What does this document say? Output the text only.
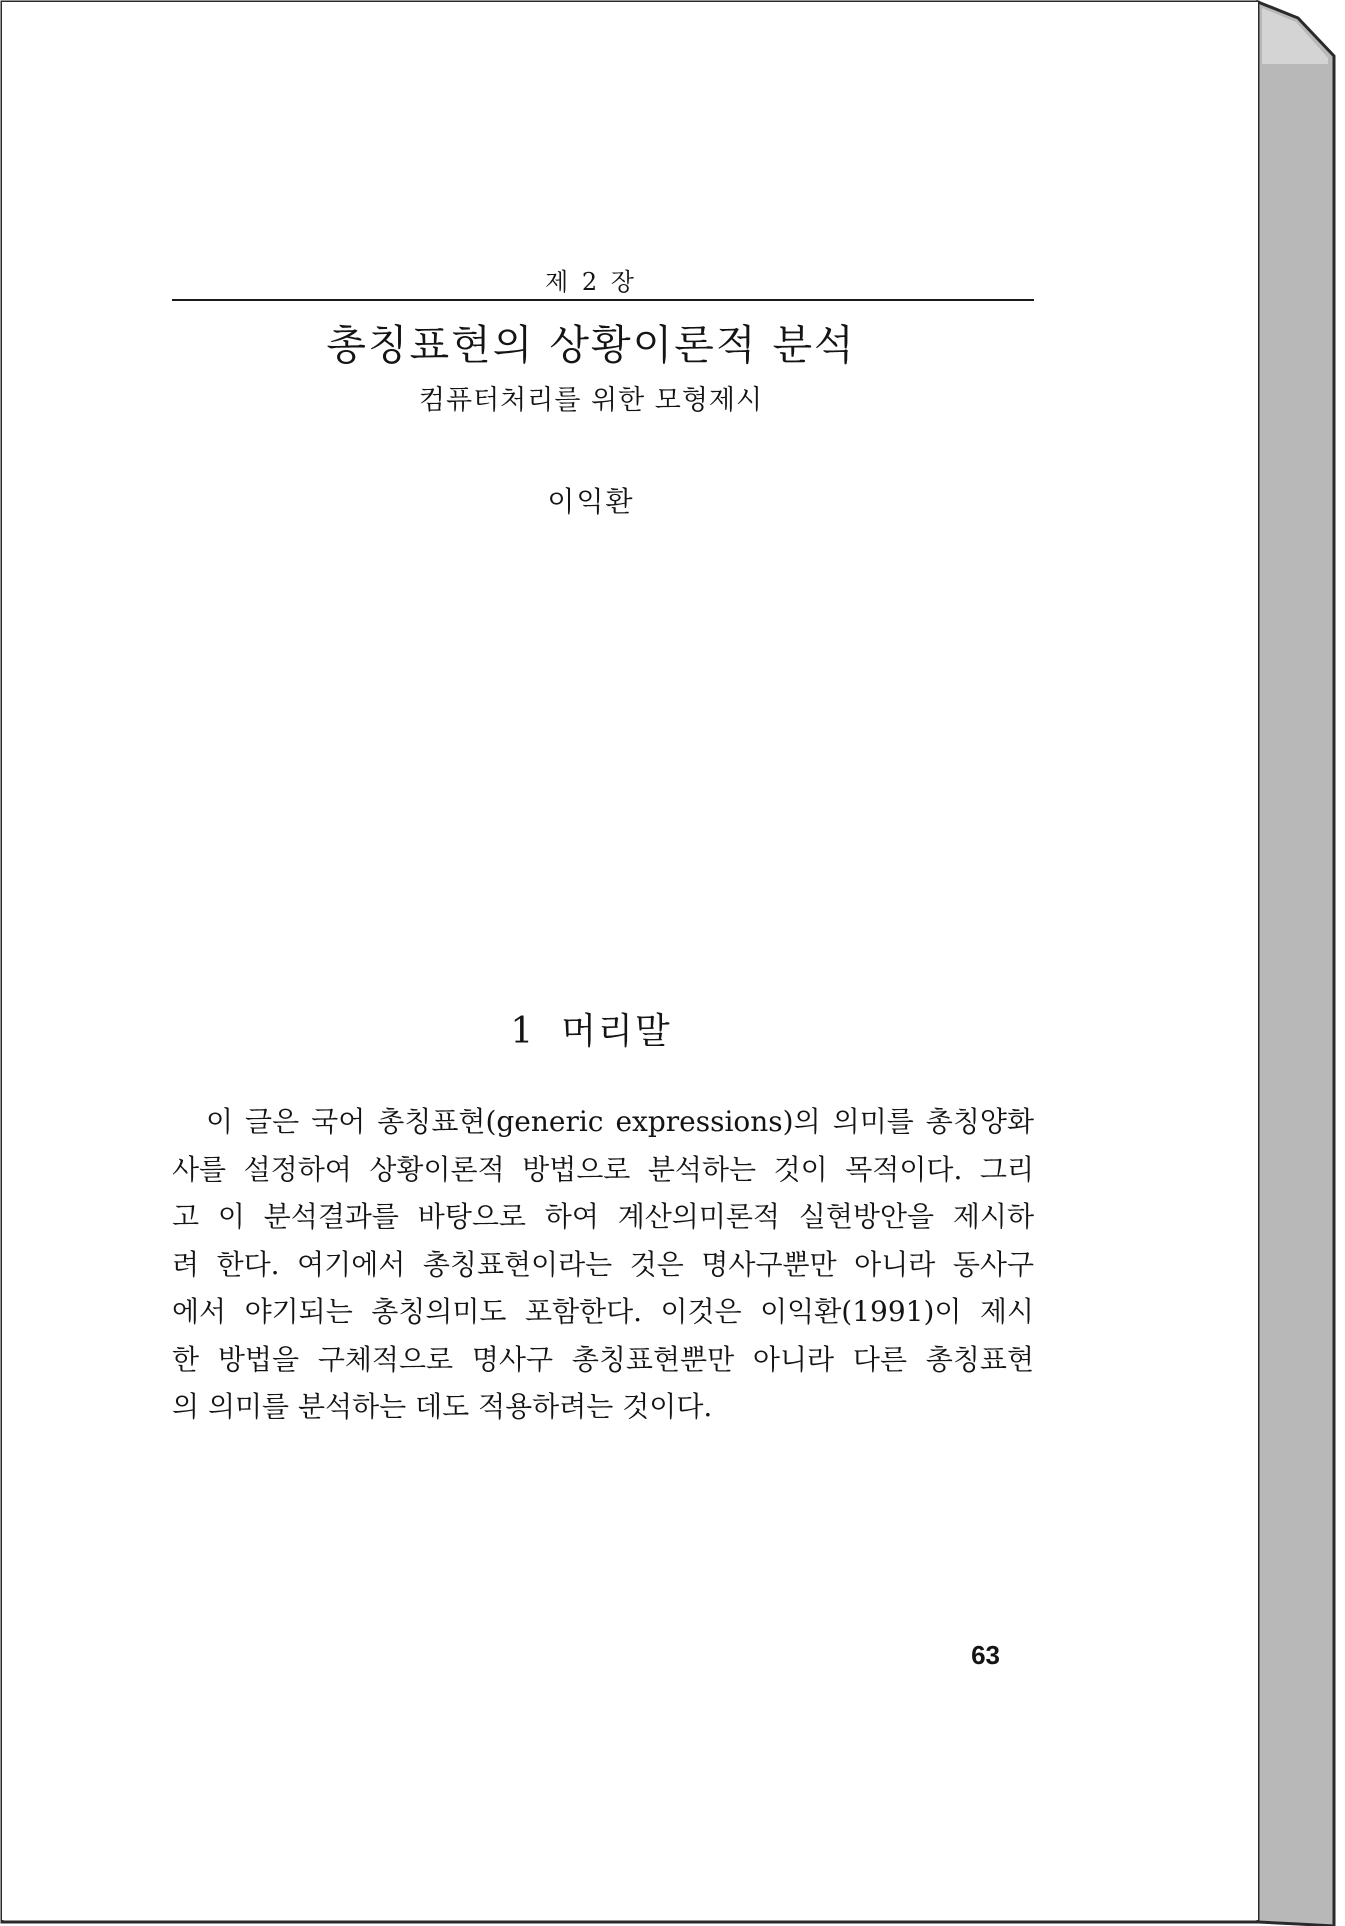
제 2 장
총칭표현의 상황이론적 분석
컴퓨터처리를 위한 모형제시
이익환
1 머리말
이 글은 국어 총칭표현(generic expressions)의 의미를 총칭양화
사를 설정하여 상황이론적 방법으로 분석하는 것이 목적이다. 그리
고 이 분석결과를 바탕으로 하여 계산의미론적 실현방안을 제시하
려 한다. 여기에서 총칭표현이라는 것은 명사구뿐만 아니라 동사구
에서 야기되는 총칭의미도 포함한다. 이것은 이익환(1991)이 제시
한 방법을 구체적으로 명사구 총칭표현뿐만 아니라 다른 총칭표현
의 의미를 분석하는 데도 적용하려는 것이다.
63
